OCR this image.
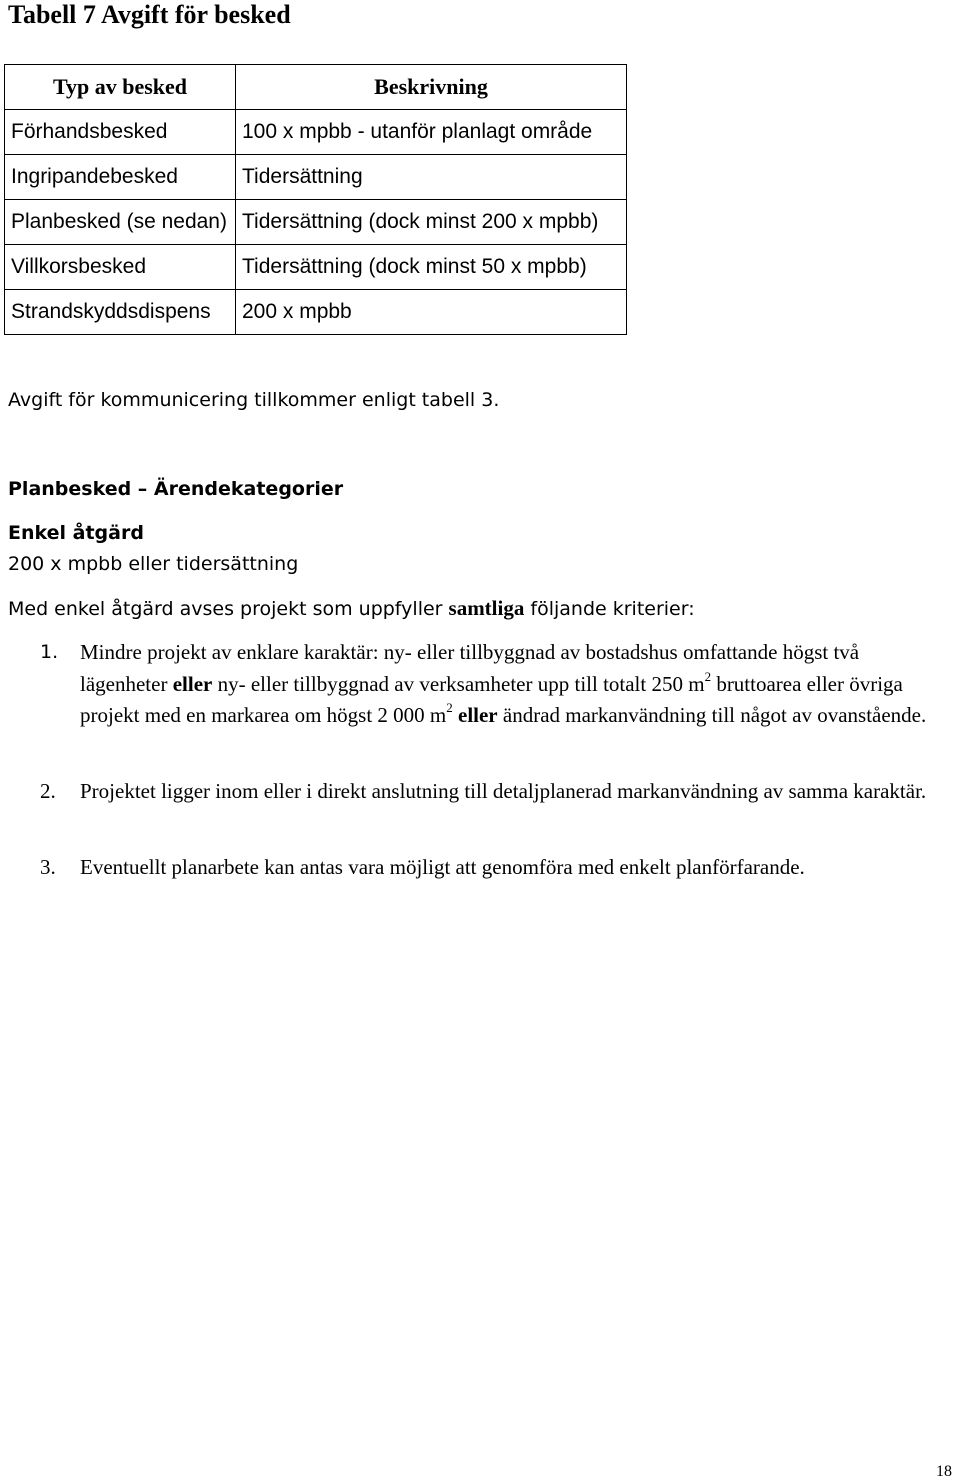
Tabell 7 Avgift för besked
Typ av besked	Beskrivning
Förhandsbesked	100 x mpbb - utanför planlagt område
Ingripandebesked	Tidersättning
Planbesked (se nedan)	Tidersättning (dock minst 200 x mpbb)
Villkorsbesked	Tidersättning (dock minst 50 x mpbb)
Strandskyddsdispens	200 x mpbb
Avgift för kommunicering tillkommer enligt tabell 3.
Planbesked – Ärendekategorier
Enkel åtgärd
200 x mpbb eller tidersättning
Med enkel åtgärd avses projekt som uppfyller samtliga följande kriterier:
1.	Mindre projekt av enklare karaktär: ny- eller tillbyggnad av bostadshus omfattande högst två lägenheter eller ny- eller tillbyggnad av verksamheter upp till totalt 250 $m^2$ bruttoarea eller övriga projekt med en markarea om högst 2 000 $m^2$ eller ändrad markanvändning till något av ovanstående.
2.	Projektet ligger inom eller i direkt anslutning till detaljplanerad markanvändning av samma karaktär.
3.	Eventuellt planarbete kan antas vara möjligt att genomföra med enkelt planförfarande.
18
